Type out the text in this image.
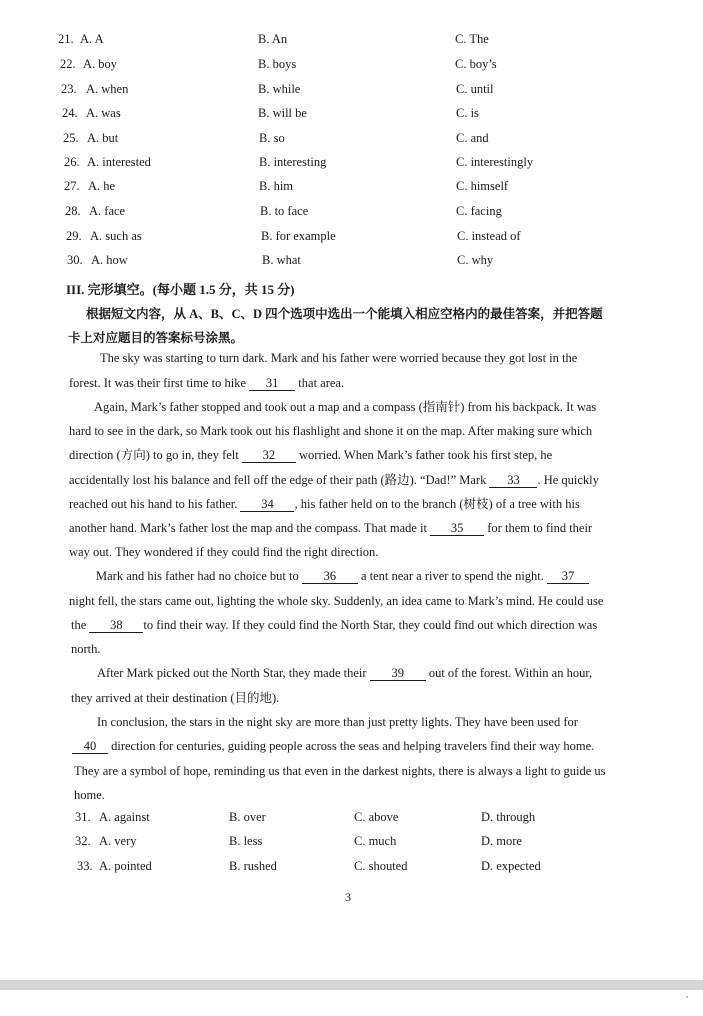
21. A. A	B. An	C. The
22. A. boy	B. boys	C. boy’s
23. A. when	B. while	C. until
24. A. was	B. will be	C. is
25. A. but	B. so	C. and
26. A. interested	B. interesting	C. interestingly
27. A. he	B. him	C. himself
28. A. face	B. to face	C. facing
29. A. such as	B. for example	C. instead of
30. A. how	B. what	C. why
III. 完形填空。(每小题 1.5 分，共 15 分)
根据短文内容，从 A、B、C、D 四个选项中选出一个能填入相应空格内的最佳答案，并把答题
卡上对应题目的答案标号涂黑。
The sky was starting to turn dark. Mark and his father were worried because they got lost in the
forest. It was their first time to hike 31 that area.
Again, Mark’s father stopped and took out a map and a compass (指南针) from his backpack. It was
hard to see in the dark, so Mark took out his flashlight and shone it on the map. After making sure which
direction (方向) to go in, they felt 32 worried. When Mark’s father took his first step, he
accidentally lost his balance and fell off the edge of their path (路边). “Dad!” Mark 33 . He quickly
reached out his hand to his father. 34 , his father held on to the branch (树枝) of a tree with his
another hand. Mark’s father lost the map and the compass. That made it 35 for them to find their
way out. They wondered if they could find the right direction.
Mark and his father had no choice but to 36 a tent near a river to spend the night. 37
night fell, the stars came out, lighting the whole sky. Suddenly, an idea came to Mark’s mind. He could use
the 38 to find their way. If they could find the North Star, they could find out which direction was
north.
After Mark picked out the North Star, they made their 39 out of the forest. Within an hour,
they arrived at their destination (目的地).
In conclusion, the stars in the night sky are more than just pretty lights. They have been used for
40 direction for centuries, guiding people across the seas and helping travelers find their way home.
They are a symbol of hope, reminding us that even in the darkest nights, there is always a light to guide us
home.
31. A. against	B. over	C. above	D. through
32. A. very	B. less	C. much	D. more
33. A. pointed	B. rushed	C. shouted	D. expected
3
